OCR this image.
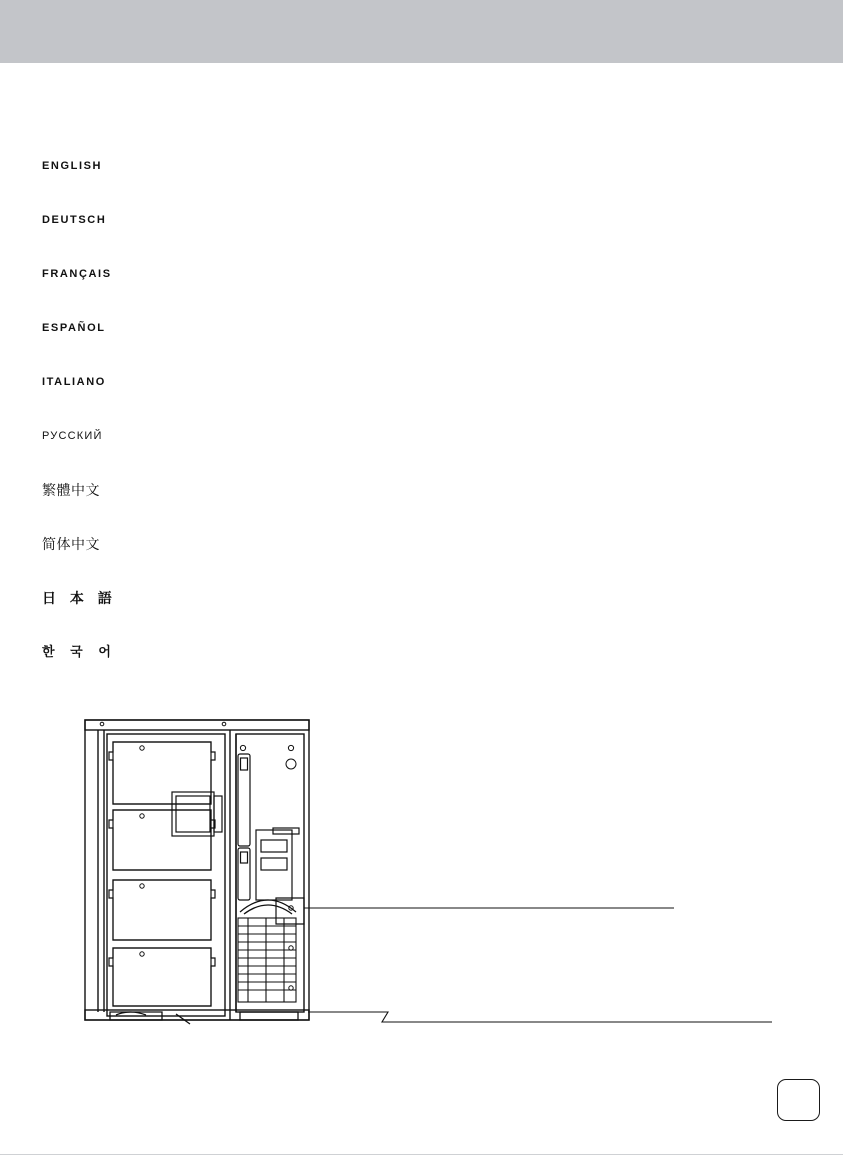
ENGLISH
DEUTSCH
FRANÇAIS
ESPAÑOL
ITALIANO
РУССКИЙ
繁體中文
简体中文
日 本 語
한 국 어
